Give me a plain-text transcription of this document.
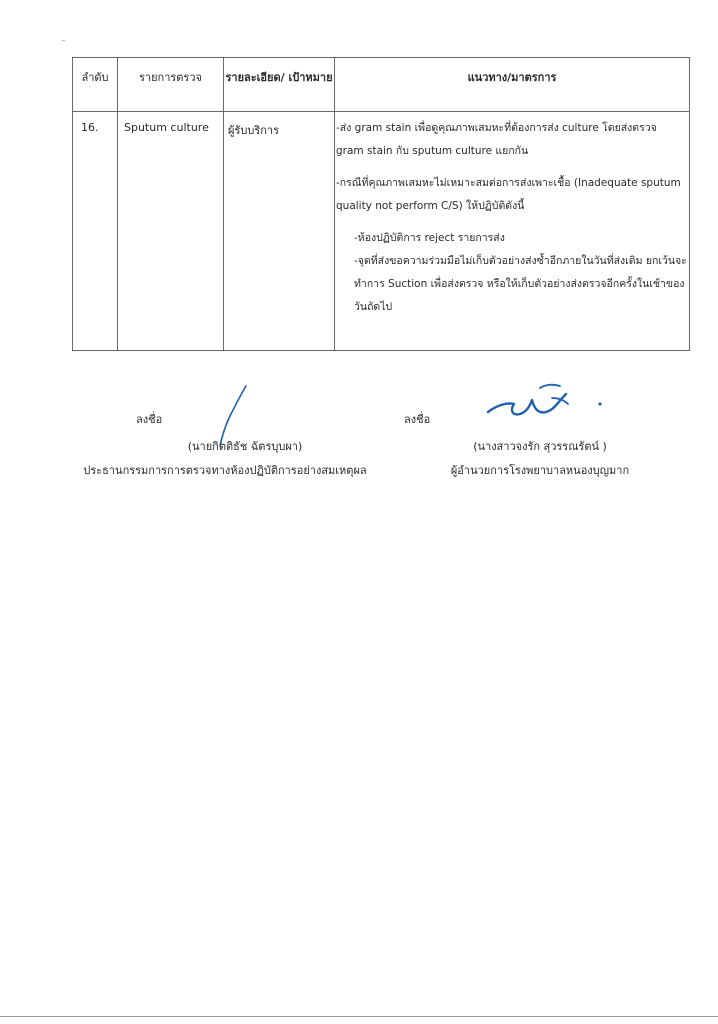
ลำดับ	รายการตรวจ	รายละเอียด/ เป้าหมาย	แนวทาง/มาตรการ

16.	Sputum culture	ผู้รับบริการ	-ส่ง gram stain เพื่อดูคุณภาพเสมหะที่ต้องการส่ง culture โดยส่งตรวจ gram stain กับ sputum culture แยกกัน

-กรณีที่คุณภาพเสมหะไม่เหมาะสมต่อการส่งเพาะเชื้อ (Inadequate sputum quality not perform C/S) ให้ปฏิบัติดังนี้

-ห้องปฏิบัติการ reject รายการส่ง

-จุดที่ส่งขอความร่วมมือไม่เก็บตัวอย่างส่งซ้ำอีกภายในวันที่ส่งเดิม ยกเว้นจะทำการ Suction เพื่อส่งตรวจ หรือให้เก็บตัวอย่างส่งตรวจอีกครั้งในเช้าของวันถัดไป

ลงชื่อ
(นายกิตติธัช ฉัตรบุบผา)
ประธานกรรมการการตรวจทางห้องปฏิบัติการอย่างสมเหตุผล
ลงชื่อ
(นางสาวจงรัก สุวรรณรัตน์ )
ผู้อำนวยการโรงพยาบาลหนองบุญมาก
